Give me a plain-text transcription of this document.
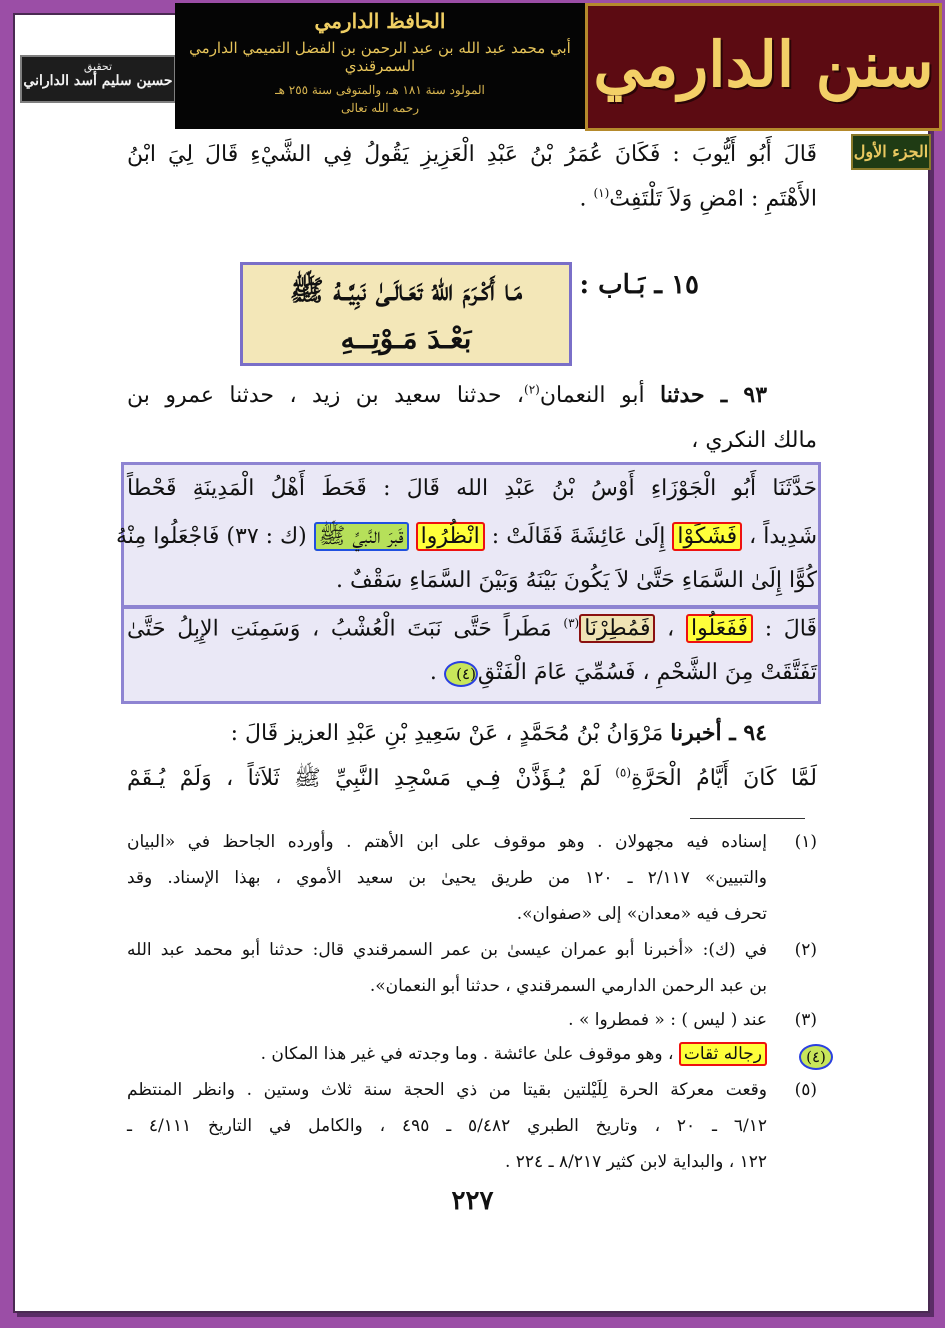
تحقيق
حسين سليم أسد الداراني
الحافظ الدارمي
أبي محمد عبد الله بن عبد الرحمن بن الفضل التميمي الدارمي السمرقندي
المولود سنة ١٨١ هـ، والمتوفى سنة ٢٥٥ هـ
رحمه الله تعالى
سنن الدارمي
الجزء الأول
قَالَ أَبُو أَيُّوبَ : فَكَانَ عُمَرُ بْنُ عَبْدِ الْعَزِيزِ يَقُولُ فِي الشَّيْءِ قَالَ لِيَ ابْنُ
الأَهْتَمِ : امْضِ وَلاَ تَلْتَفِتْ$^{(١)}$ .
١٥ ـ بَـاب :
مَـا أَكْـرَمَ اللهُ تَعَـالَـىٰ نَبِيَّــهُ ﷺ
بَعْـدَ مَـوْتِــهِ
٩٣ ـ حدثنا أبو النعمان$^{(٢)}$، حدثنا سعيد بن زيد ، حدثنا عمرو بن
مالك النكري ،
حَدَّثَنَا أَبُو الْجَوْزَاءِ أَوْسُ بْنُ عَبْدِ الله قَالَ : قَحَطَ أَهْلُ الْمَدِينَةِ قَحْطاً
شَدِيداً ، فَشَكَوْا إِلَىٰ عَائِشَةَ فَقَالَتْ : انْظُرُوا قَبرَ النَّبيِّ ﷺ (ك : ٣٧) فَاجْعَلُوا مِنْهُ
كُوًّا إِلَىٰ السَّمَاءِ حَتَّىٰ لاَ يَكُونَ بَيْنَهُ وَبَيْنَ السَّمَاءِ سَقْفٌ .
قَالَ : فَفَعَلُوا ، فَمُطِرْنَا$^{(٣)}$ مَطَراً حَتَّى نَبَتَ الْعُشْبُ ، وَسَمِنَتِ الإِبِلُ حَتَّىٰ
تَفَتَّقَتْ مِنَ الشَّحْمِ ، فَسُمِّيَ عَامَ الْفَتْقِ(٤) .
٩٤ ـ أخبرنا مَرْوَانُ بْنُ مُحَمَّدٍ ، عَنْ سَعِيدِ بْنِ عَبْدِ العزيز قَالَ :
لَمَّا كَانَ أَيَّامُ الْحَرَّةِ$^{(٥)}$ لَمْ يُـؤَذَّنْ فِـي مَسْجِدِ النَّبِيِّ ﷺ ثَلاَثاً ، وَلَمْ يُـقَمْ
(١)
إسناده فيه مجهولان . وهو موقوف على ابن الأهتم . وأورده الجاحظ في «البيان
والتبيين» ٢/١١٧ ـ ١٢٠ من طريق يحيىٰ بن سعيد الأموي ، بهذا الإسناد. وقد
تحرف فيه «معدان» إلى «صفوان».
(٢)
في (ك): «أخبرنا أبو عمران عيسىٰ بن عمر السمرقندي قال: حدثنا أبو محمد عبد الله
بن عبد الرحمن الدارمي السمرقندي ، حدثنا أبو النعمان».
(٣)
عند ( ليس ) : « فمطروا » .
(٤)
رجاله ثقات ، وهو موقوف علىٰ عائشة . وما وجدته في غير هذا المكان .
(٥)
وقعت معركة الحرة لِلَيْلتين بقيتا من ذي الحجة سنة ثلاث وستين . وانظر المنتظم
٦/١٢ ـ ٢٠ ، وتاريخ الطبري ٥/٤٨٢ ـ ٤٩٥ ، والكامل في التاريخ ٤/١١١ ـ
١٢٢ ، والبداية لابن كثير ٨/٢١٧ ـ ٢٢٤ .
٢٢٧
